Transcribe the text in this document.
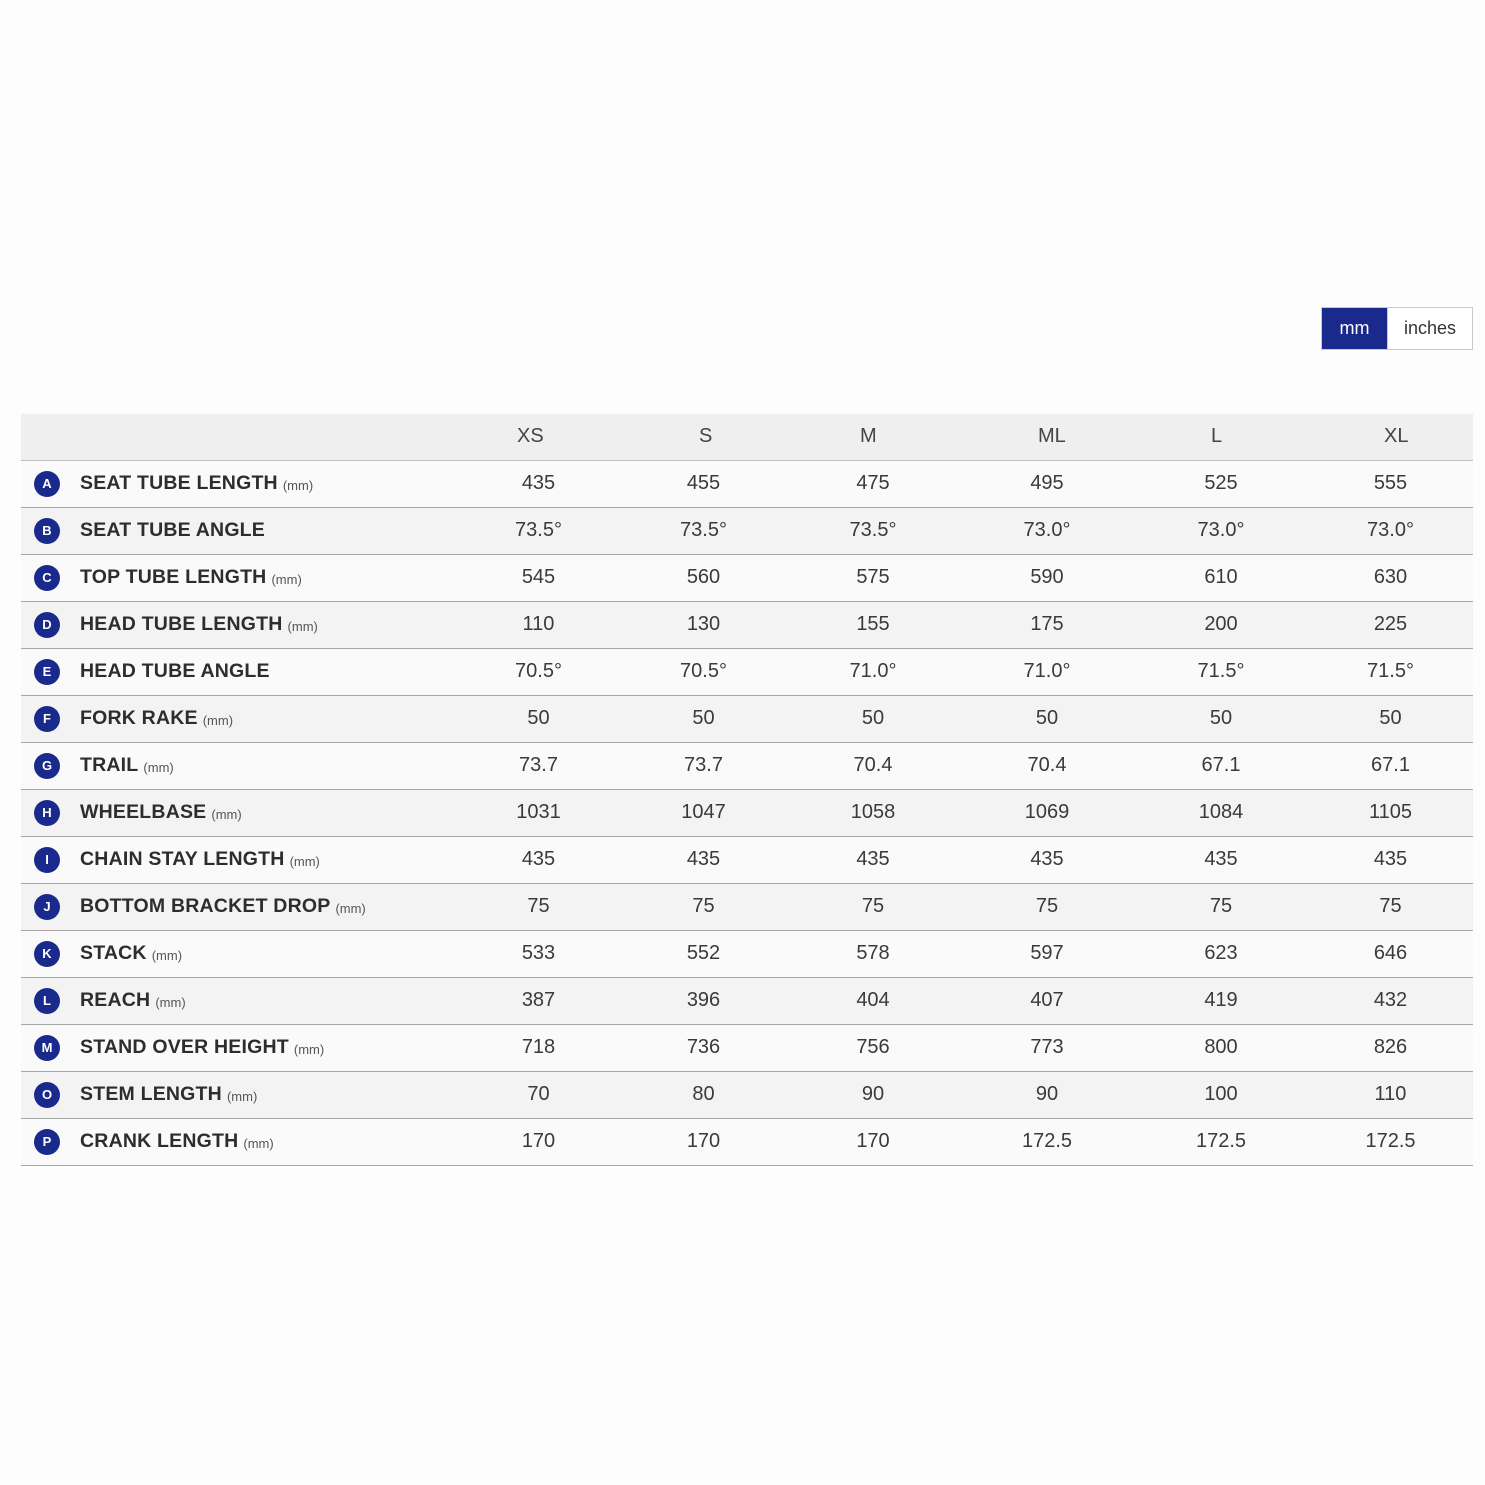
mm	inches
	XS	S	M	ML	L	XL

A SEAT TUBE LENGTH (mm)	435	455	475	495	525	555

B SEAT TUBE ANGLE	73.5°	73.5°	73.5°	73.0°	73.0°	73.0°

C TOP TUBE LENGTH (mm)	545	560	575	590	610	630

D HEAD TUBE LENGTH (mm)	110	130	155	175	200	225

E HEAD TUBE ANGLE	70.5°	70.5°	71.0°	71.0°	71.5°	71.5°

F FORK RAKE (mm)	50	50	50	50	50	50

G TRAIL (mm)	73.7	73.7	70.4	70.4	67.1	67.1

H WHEELBASE (mm)	1031	1047	1058	1069	1084	1105

I CHAIN STAY LENGTH (mm)	435	435	435	435	435	435

J BOTTOM BRACKET DROP (mm)	75	75	75	75	75	75

K STACK (mm)	533	552	578	597	623	646

L REACH (mm)	387	396	404	407	419	432

M STAND OVER HEIGHT (mm)	718	736	756	773	800	826

O STEM LENGTH (mm)	70	80	90	90	100	110

P CRANK LENGTH (mm)	170	170	170	172.5	172.5	172.5
